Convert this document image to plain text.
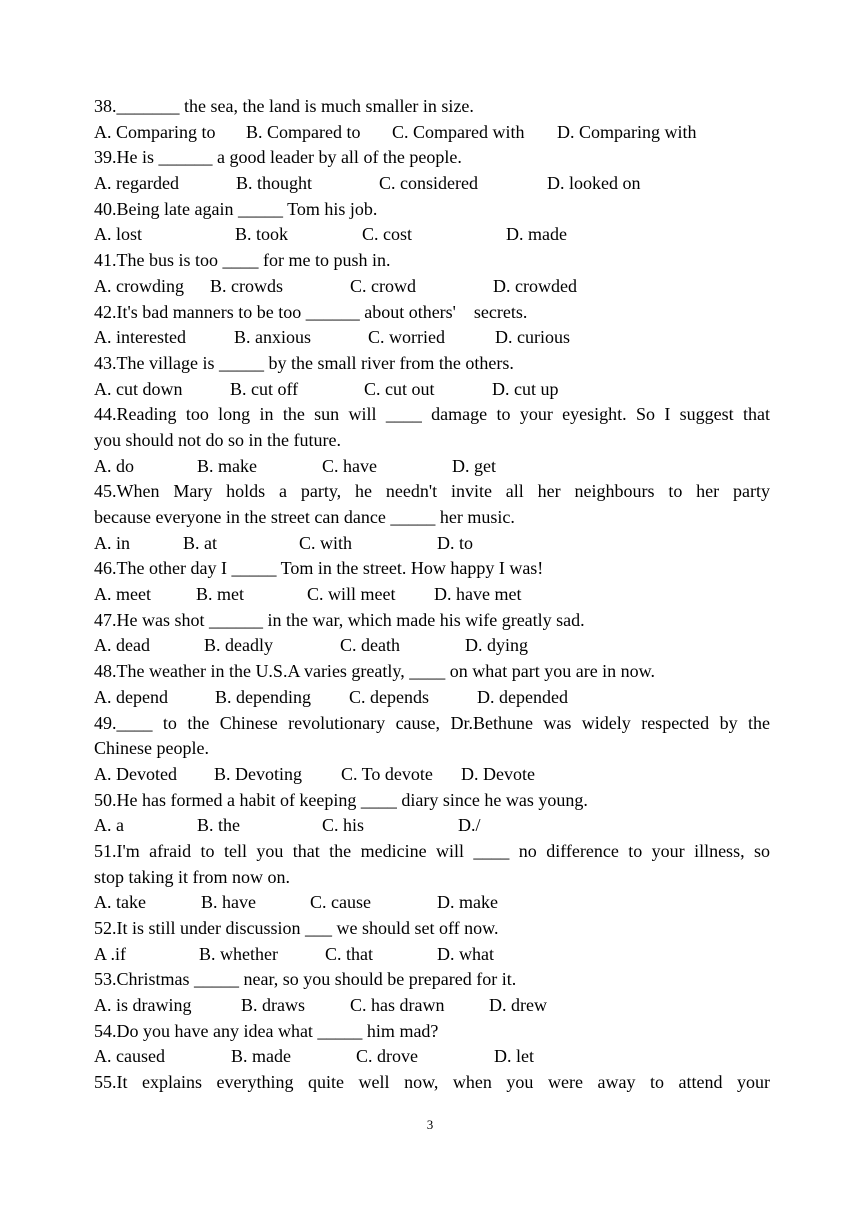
38._______ the sea, the land is much smaller in size.
A. Comparing to B. Compared to C. Compared with D. Comparing with
39.He is ______ a good leader by all of the people.
A. regarded	B. thought	C. considered	D. looked on
40.Being late again _____ Tom his job.
A. lost	B. took	C. cost	D. made
41.The bus is too ____ for me to push in.
A. crowding B. crowds	C. crowd	D. crowded
42.It's bad manners to be too ______ about others'    secrets.
A. interested	B. anxious	C. worried	D. curious
43.The village is _____ by the small river from the others.
A. cut down	B. cut off	C. cut out	D. cut up
44.Reading too long in the sun will ____ damage to your eyesight. So I suggest that
you should not do so in the future.
A. do	B. make	C. have	D. get
45.When Mary holds a party, he needn't invite all her neighbours to her party
because everyone in the street can dance _____ her music.
A. in	B. at	C. with	D. to
46.The other day I _____ Tom in the street. How happy I was!
A. meet	B. met	C. will meet D. have met
47.He was shot ______ in the war, which made his wife greatly sad.
A. dead	B. deadly	C. death	D. dying
48.The weather in the U.S.A varies greatly, ____ on what part you are in now.
A. depend	B. depending C. depends	D. depended
49.____ to the Chinese revolutionary cause, Dr.Bethune was widely respected by the
Chinese people.
A. Devoted B. Devoting C. To devote D. Devote
50.He has formed a habit of keeping ____ diary since he was young.
A. a	B. the	C. his	D./
51.I'm afraid to tell you that the medicine will ____ no difference to your illness, so
stop taking it from now on.
A. take	B. have	C. cause	D. make
52.It is still under discussion ___ we should set off now.
A .if	B. whether	C. that	D. what
53.Christmas _____ near, so you should be prepared for it.
A. is drawing	B. draws	C. has drawn D. drew
54.Do you have any idea what _____ him mad?
A. caused	B. made	C. drove	D. let
55.It explains everything quite well now, when you were away to attend your
3
